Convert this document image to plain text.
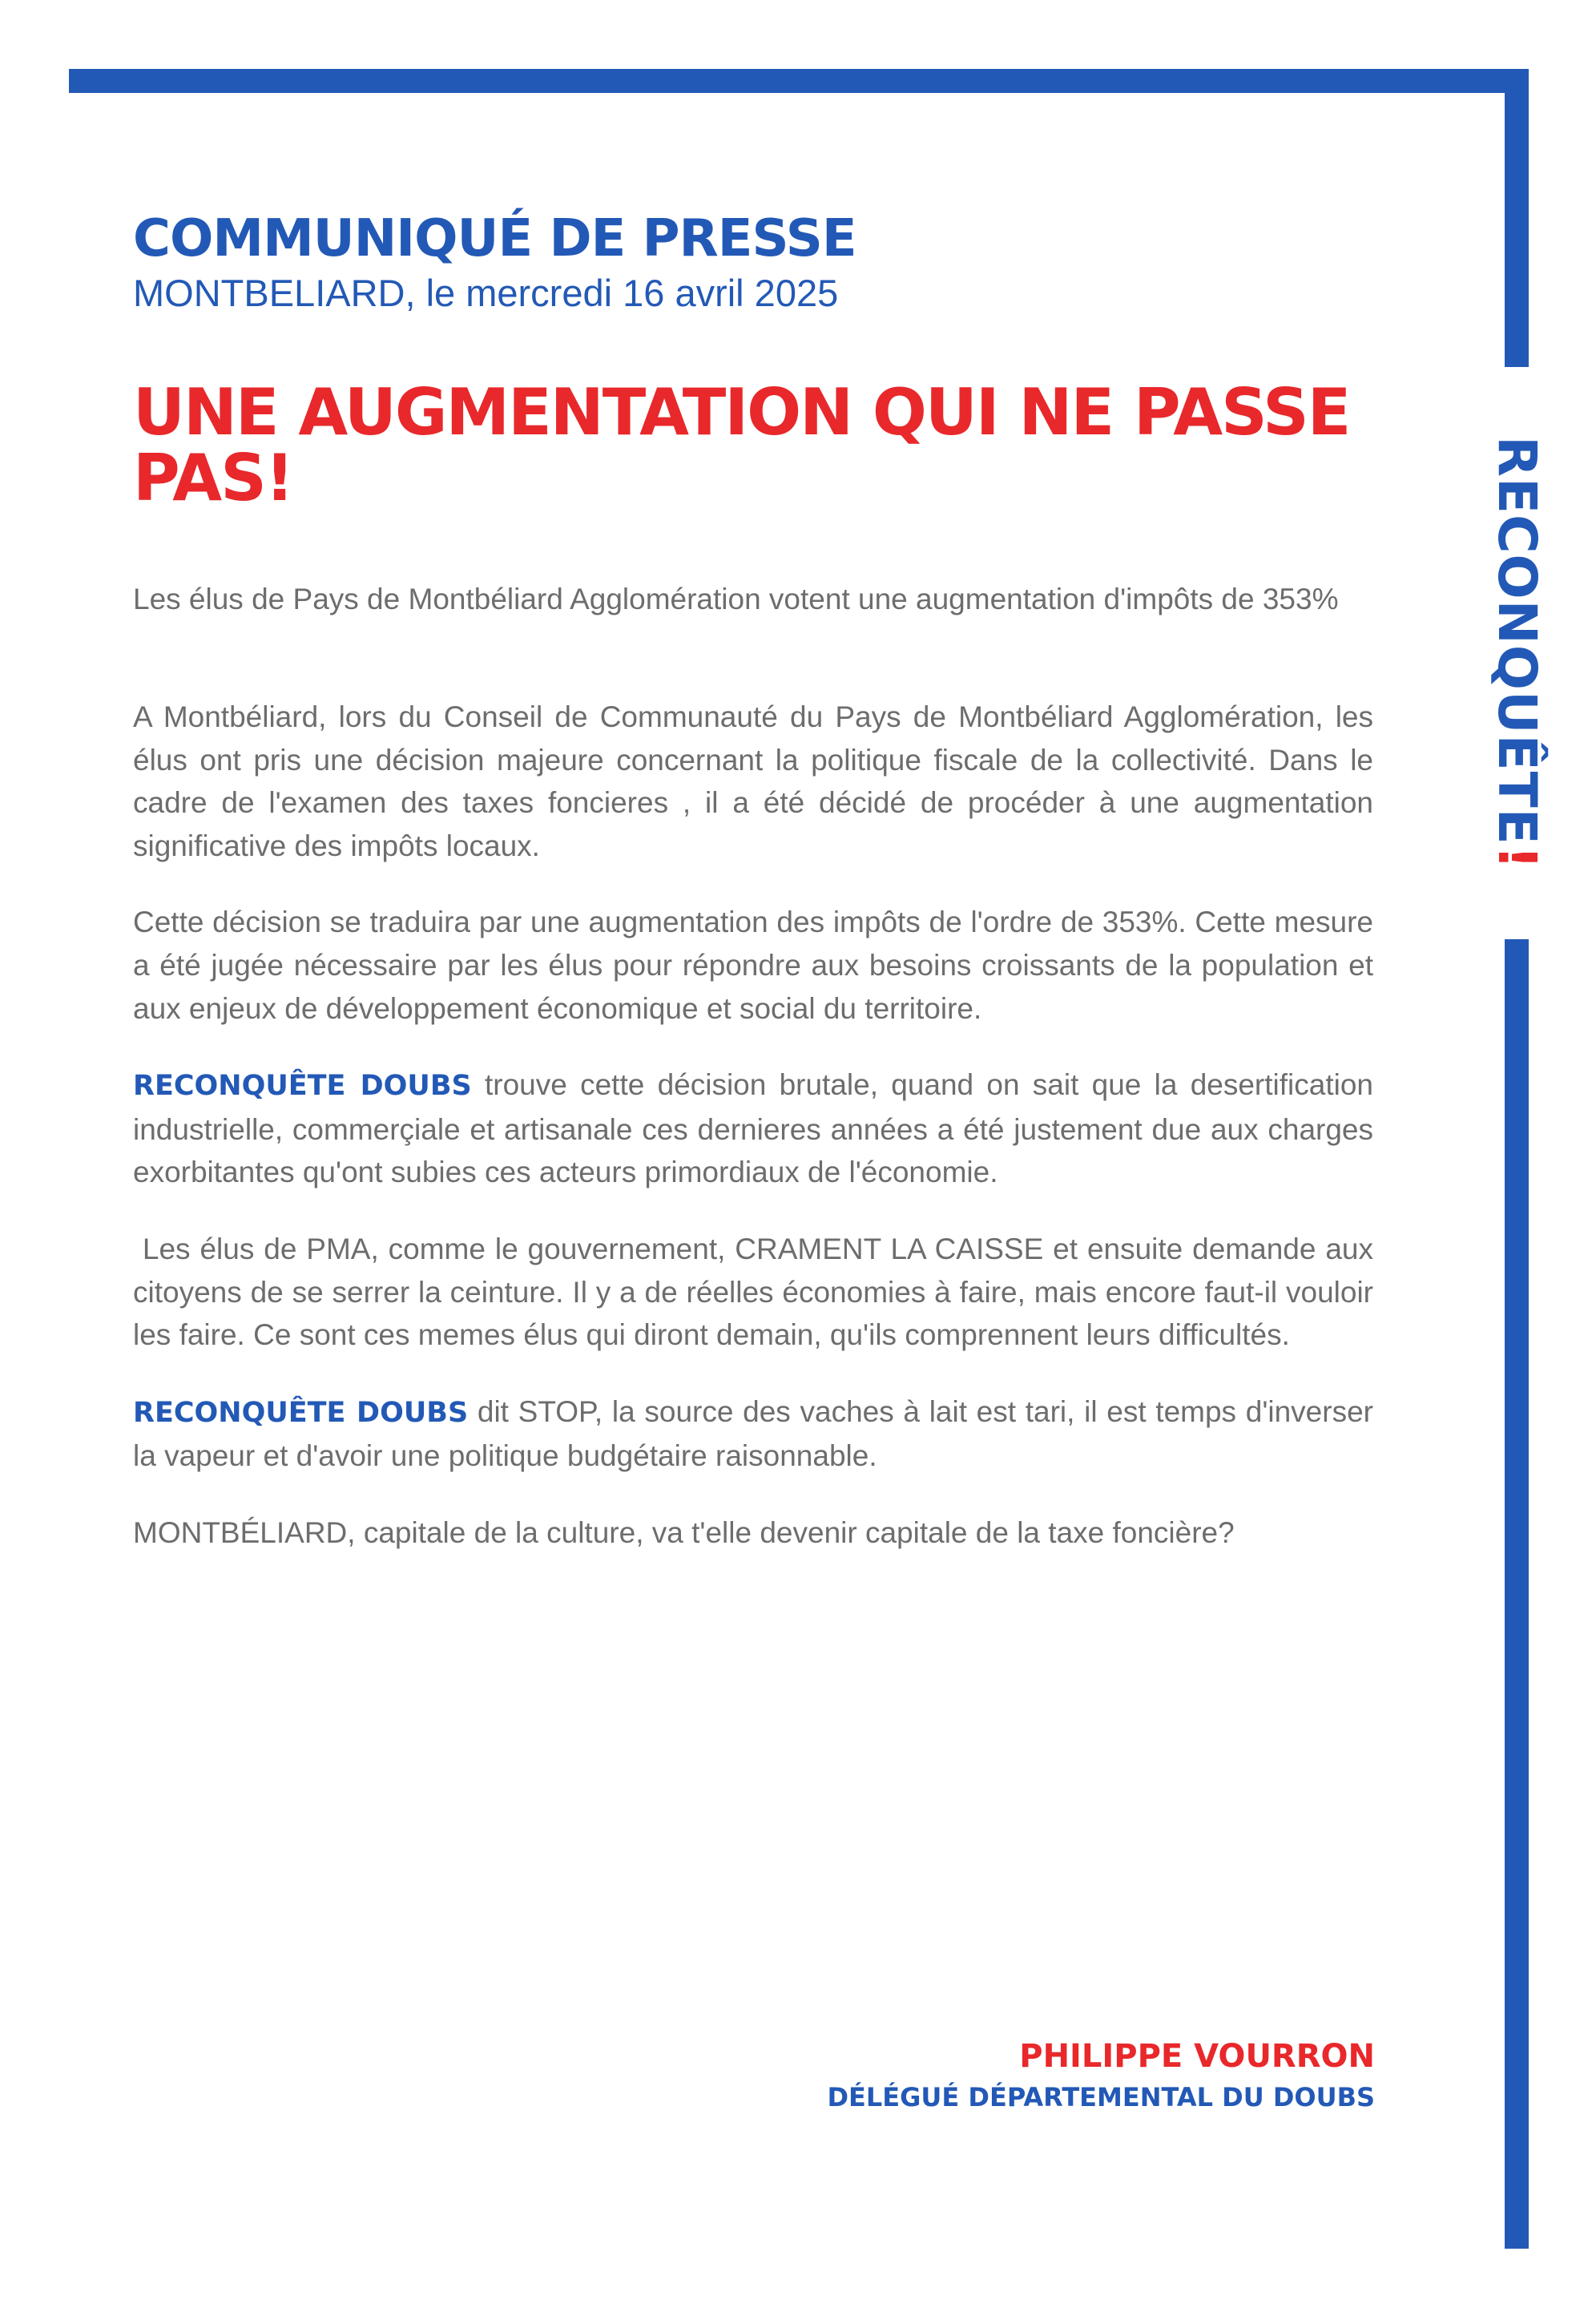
RECONQUÊTE!
COMMUNIQUÉ DE PRESSE
MONTBELIARD, le mercredi 16 avril 2025
UNE AUGMENTATION QUI NE PASSE PAS!

Les élus de Pays de Montbéliard Agglomération votent une augmentation d'impôts de 353%

A Montbéliard, lors du Conseil de Communauté du Pays de Montbéliard Agglomération, les élus ont pris une décision majeure concernant la politique fiscale de la collectivité. Dans le cadre de l'examen des taxes foncieres , il a été décidé de procéder à une augmentation significative des impôts locaux.

Cette décision se traduira par une augmentation des impôts de l'ordre de 353%. Cette mesure a été jugée nécessaire par les élus pour répondre aux besoins croissants de la population et aux enjeux de développement économique et social du territoire.

RECONQUÊTE DOUBS trouve cette décision brutale, quand on sait que la desertification industrielle, commerçiale et artisanale ces dernieres années a été justement due aux charges exorbitantes qu'ont subies ces acteurs primordiaux de l'économie.

Les élus de PMA, comme le gouvernement, CRAMENT LA CAISSE et ensuite demande aux citoyens de se serrer la ceinture. Il y a de réelles économies à faire, mais encore faut-il vouloir les faire. Ce sont ces memes élus qui diront demain, qu'ils comprennent leurs difficultés.

RECONQUÊTE DOUBS dit STOP, la source des vaches à lait est tari, il est temps d'inverser la vapeur et d'avoir une politique budgétaire raisonnable.

MONTBÉLIARD, capitale de la culture, va t'elle devenir capitale de la taxe foncière?

PHILIPPE VOURRON
DÉLÉGUÉ DÉPARTEMENTAL DU DOUBS
